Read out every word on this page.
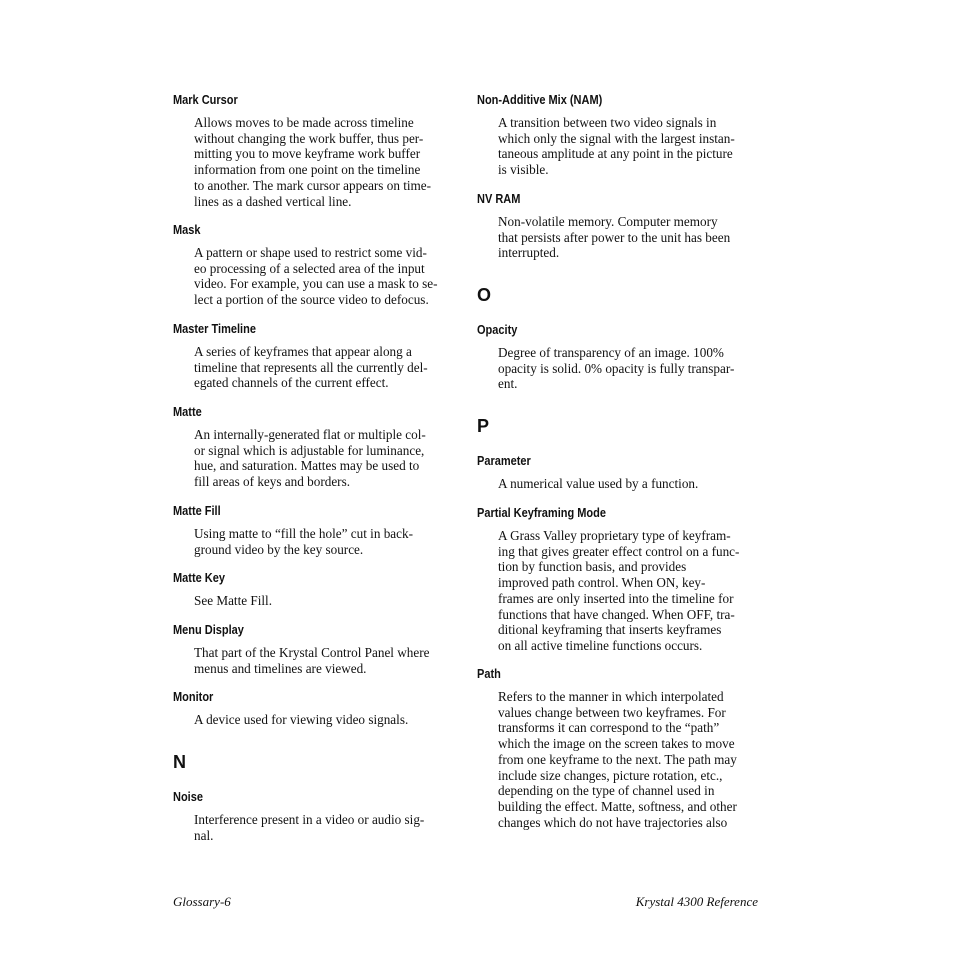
Mark Cursor
Allows moves to be made across timeline
without changing the work buffer, thus per-
mitting you to move keyframe work buffer
information from one point on the timeline
to another. The mark cursor appears on time-
lines as a dashed vertical line.
Mask
A pattern or shape used to restrict some vid-
eo processing of a selected area of the input
video. For example, you can use a mask to se-
lect a portion of the source video to defocus.
Master Timeline
A series of keyframes that appear along a
timeline that represents all the currently del-
egated channels of the current effect.
Matte
An internally-generated flat or multiple col-
or signal which is adjustable for luminance,
hue, and saturation. Mattes may be used to
fill areas of keys and borders.
Matte Fill
Using matte to “fill the hole” cut in back-
ground video by the key source.
Matte Key
See Matte Fill.
Menu Display
That part of the Krystal Control Panel where
menus and timelines are viewed.
Monitor
A device used for viewing video signals.
N
Noise
Interference present in a video or audio sig-
nal.
Non-Additive Mix (NAM)
A transition between two video signals in
which only the signal with the largest instan-
taneous amplitude at any point in the picture
is visible.
NV RAM
Non-volatile memory. Computer memory
that persists after power to the unit has been
interrupted.
O
Opacity
Degree of transparency of an image. 100%
opacity is solid. 0% opacity is fully transpar-
ent.
P
Parameter
A numerical value used by a function.
Partial Keyframing Mode
A Grass Valley proprietary type of keyfram-
ing that gives greater effect control on a func-
tion by function basis, and provides
improved path control. When ON, key-
frames are only inserted into the timeline for
functions that have changed. When OFF, tra-
ditional keyframing that inserts keyframes
on all active timeline functions occurs.
Path
Refers to the manner in which interpolated
values change between two keyframes. For
transforms it can correspond to the “path”
which the image on the screen takes to move
from one keyframe to the next. The path may
include size changes, picture rotation, etc.,
depending on the type of channel used in
building the effect. Matte, softness, and other
changes which do not have trajectories also
Glossary-6	Krystal 4300 Reference
